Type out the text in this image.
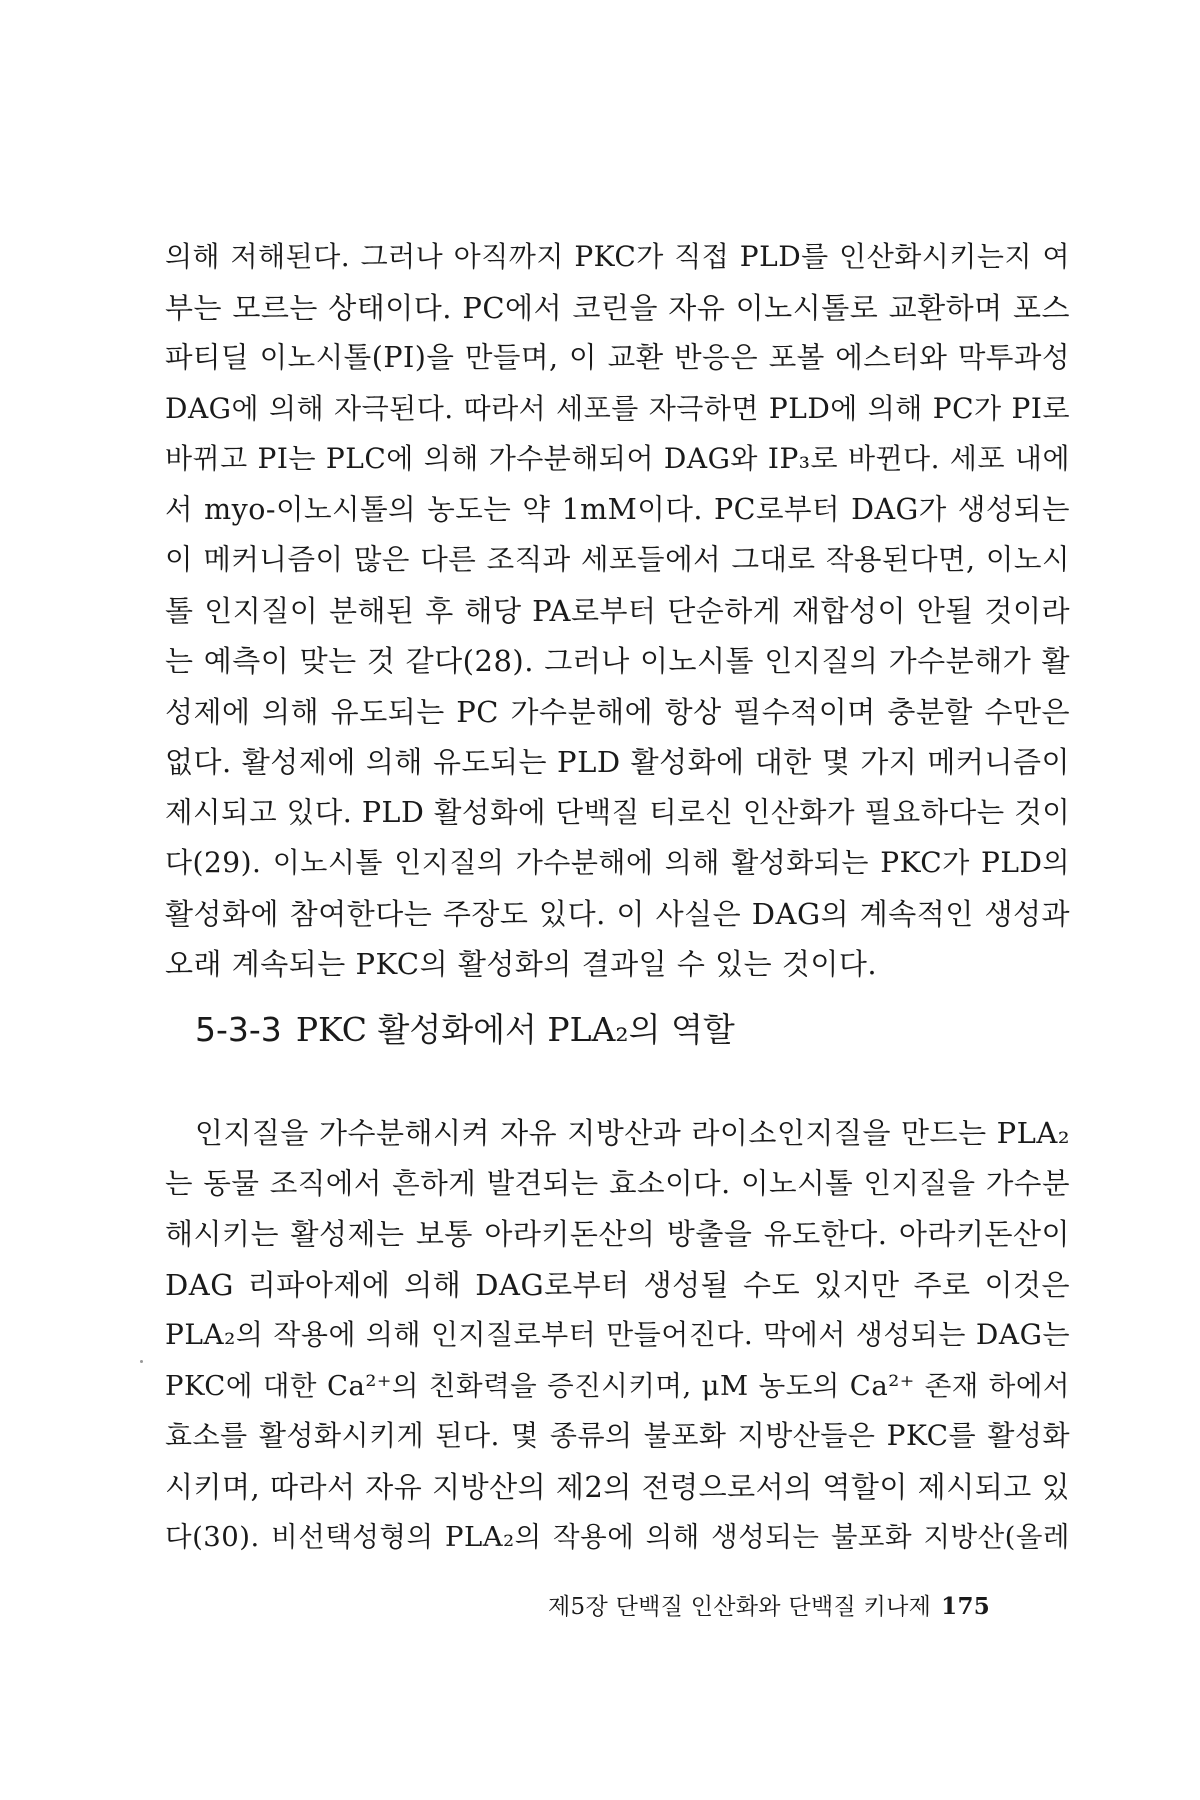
의해 저해된다. 그러나 아직까지 PKC가 직접 PLD를 인산화시키는지 여
부는 모르는 상태이다. PC에서 코린을 자유 이노시톨로 교환하며 포스
파티딜 이노시톨(PI)을 만들며, 이 교환 반응은 포볼 에스터와 막투과성
DAG에 의해 자극된다. 따라서 세포를 자극하면 PLD에 의해 PC가 PI로
바뀌고 PI는 PLC에 의해 가수분해되어 DAG와 IP₃로 바뀐다. 세포 내에
서 myo-이노시톨의 농도는 약 1mM이다. PC로부터 DAG가 생성되는
이 메커니즘이 많은 다른 조직과 세포들에서 그대로 작용된다면, 이노시
톨 인지질이 분해된 후 해당 PA로부터 단순하게 재합성이 안될 것이라
는 예측이 맞는 것 같다(28). 그러나 이노시톨 인지질의 가수분해가 활
성제에 의해 유도되는 PC 가수분해에 항상 필수적이며 충분할 수만은
없다. 활성제에 의해 유도되는 PLD 활성화에 대한 몇 가지 메커니즘이
제시되고 있다. PLD 활성화에 단백질 티로신 인산화가 필요하다는 것이
다(29). 이노시톨 인지질의 가수분해에 의해 활성화되는 PKC가 PLD의
활성화에 참여한다는 주장도 있다. 이 사실은 DAG의 계속적인 생성과
오래 계속되는 PKC의 활성화의 결과일 수 있는 것이다.
5-3-3 PKC 활성화에서 PLA₂의 역할
　인지질을 가수분해시켜 자유 지방산과 라이소인지질을 만드는 PLA₂
는 동물 조직에서 흔하게 발견되는 효소이다. 이노시톨 인지질을 가수분
해시키는 활성제는 보통 아라키돈산의 방출을 유도한다. 아라키돈산이
DAG 리파아제에 의해 DAG로부터 생성될 수도 있지만 주로 이것은
PLA₂의 작용에 의해 인지질로부터 만들어진다. 막에서 생성되는 DAG는
PKC에 대한 Ca²⁺의 친화력을 증진시키며, μM 농도의 Ca²⁺ 존재 하에서
효소를 활성화시키게 된다. 몇 종류의 불포화 지방산들은 PKC를 활성화
시키며, 따라서 자유 지방산의 제2의 전령으로서의 역할이 제시되고 있
다(30). 비선택성형의 PLA₂의 작용에 의해 생성되는 불포화 지방산(올레
제5장 단백질 인산화와 단백질 키나제 175
